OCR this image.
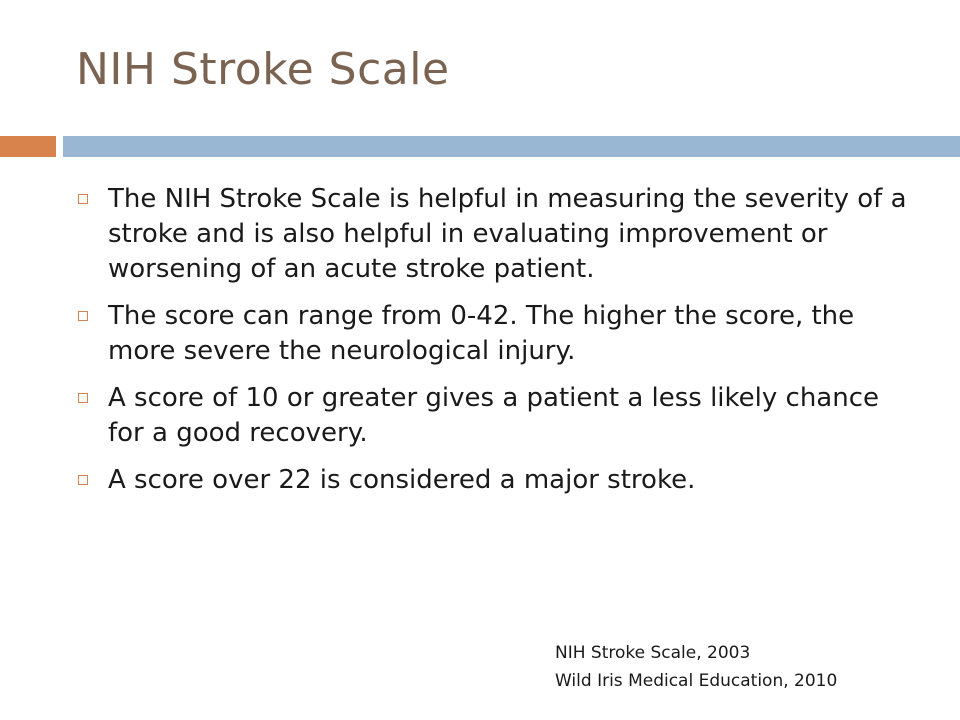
NIH Stroke Scale
The NIH Stroke Scale is helpful in measuring the severity of a stroke and is also helpful in evaluating improvement or worsening of an acute stroke patient.
The score can range from 0-42. The higher the score, the more severe the neurological injury.
A score of 10 or greater gives a patient a less likely chance for a good recovery.
A score over 22 is considered a major stroke.

NIH Stroke Scale, 2003
Wild Iris Medical Education, 2010
